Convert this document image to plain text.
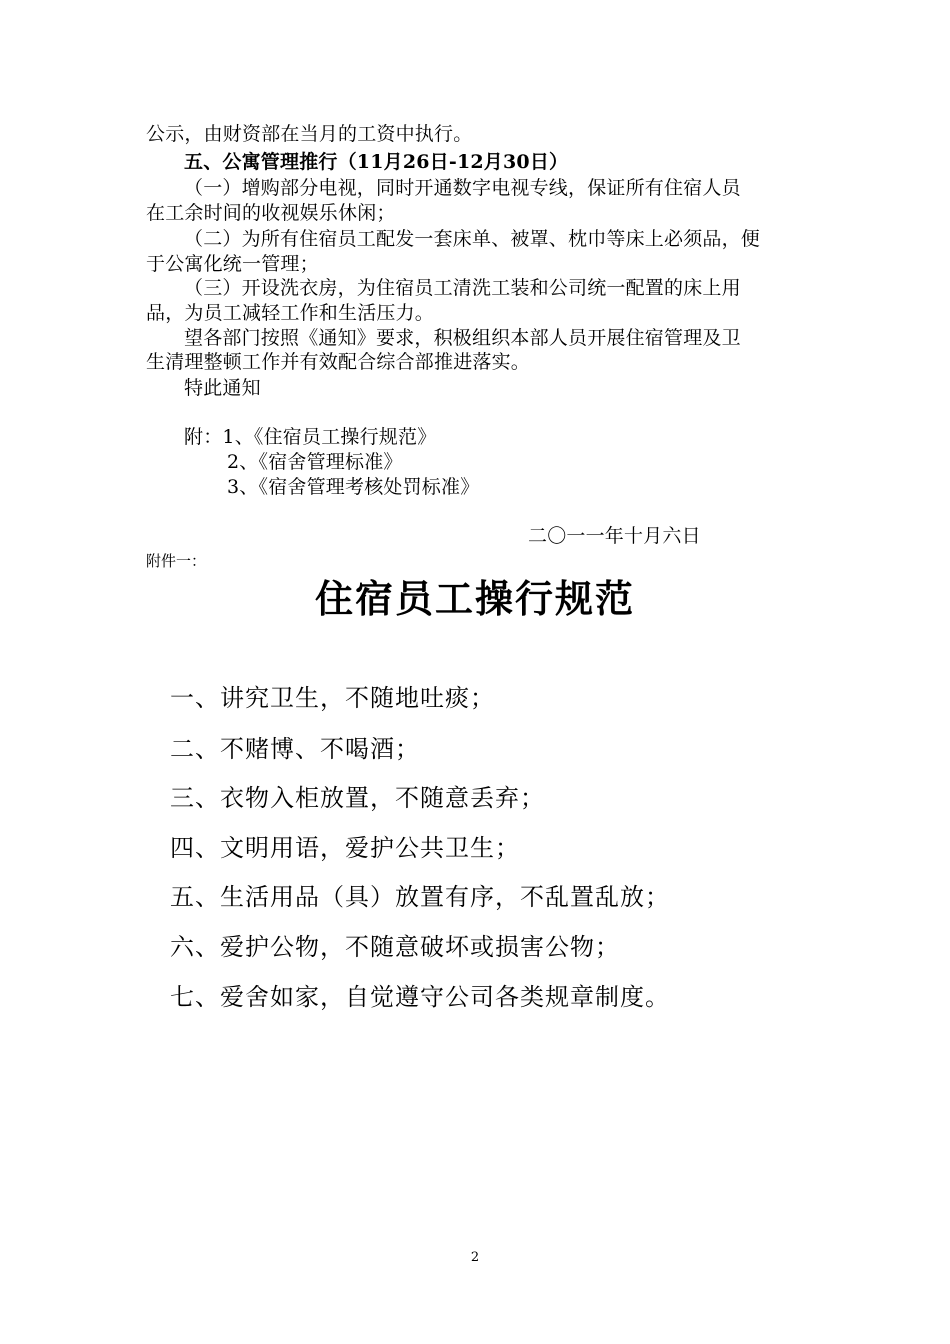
公示，由财资部在当月的工资中执行。
五、公寓管理推行（11月26日-12月30日）
（一）增购部分电视，同时开通数字电视专线，保证所有住宿人员
在工余时间的收视娱乐休闲；
（二）为所有住宿员工配发一套床单、被罩、枕巾等床上必须品，便
于公寓化统一管理；
（三）开设洗衣房，为住宿员工清洗工装和公司统一配置的床上用
品，为员工减轻工作和生活压力。
望各部门按照《通知》要求，积极组织本部人员开展住宿管理及卫
生清理整顿工作并有效配合综合部推进落实。
特此通知
附：1、《住宿员工操行规范》
2、《宿舍管理标准》
3、《宿舍管理考核处罚标准》
二〇一一年十月六日
附件一：
住宿员工操行规范
一、讲究卫生，不随地吐痰；
二、不赌博、不喝酒；
三、衣物入柜放置，不随意丢弃；
四、文明用语，爱护公共卫生；
五、生活用品（具）放置有序，不乱置乱放；
六、爱护公物，不随意破坏或损害公物；
七、爱舍如家，自觉遵守公司各类规章制度。
2
